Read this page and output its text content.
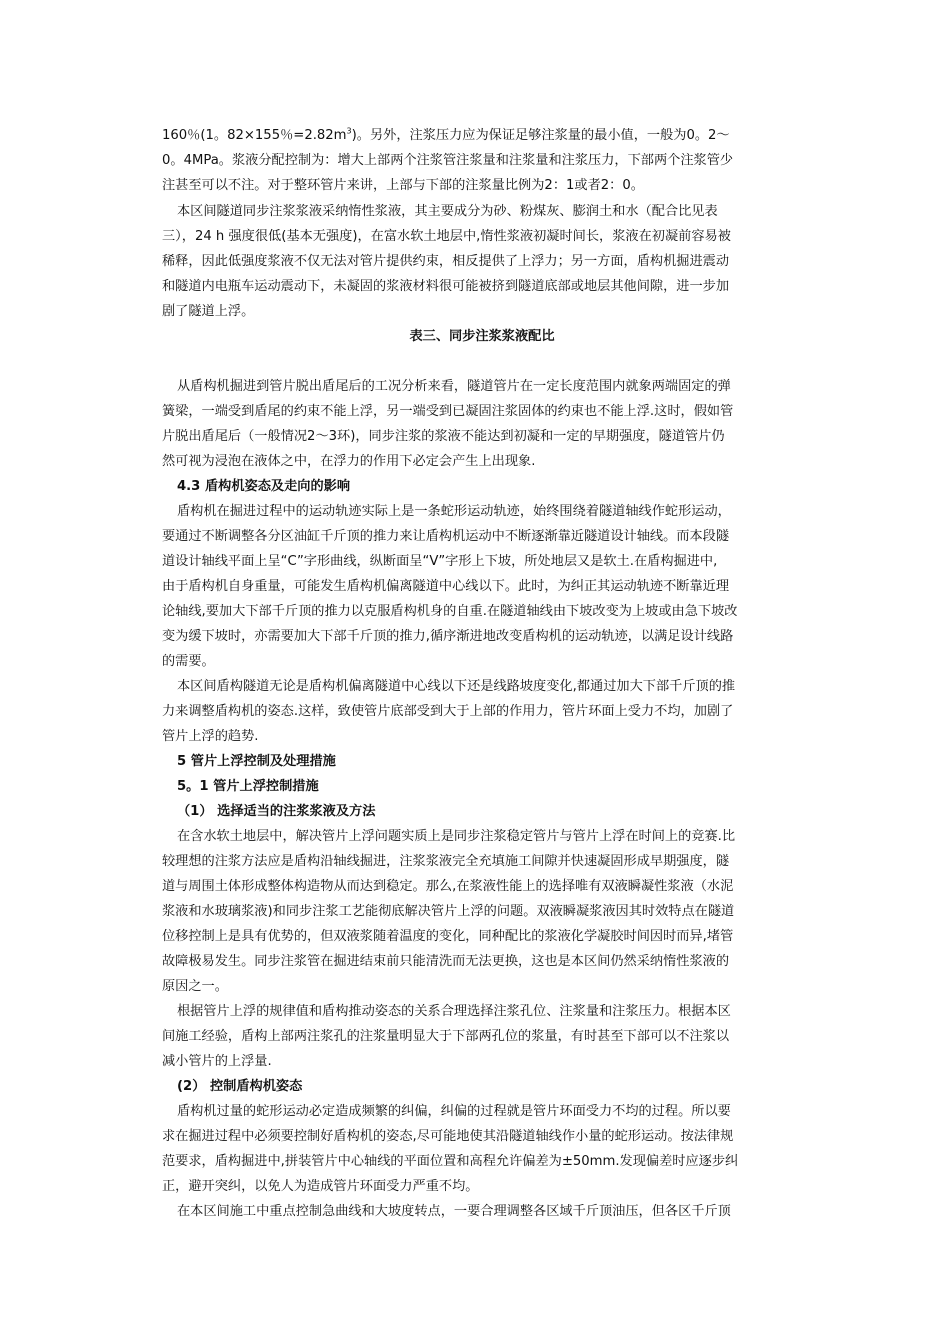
160％(1。82×155％$=2.82m^3$)。另外，注浆压力应为保证足够注浆量的最小值，一般为0。2～
0。4MPa。浆液分配控制为：增大上部两个注浆管注浆量和注浆量和注浆压力，下部两个注浆管少
注甚至可以不注。对于整环管片来讲，上部与下部的注浆量比例为2：1或者2：0。
本区间隧道同步注浆浆液采纳惰性浆液，其主要成分为砂、粉煤灰、膨润土和水（配合比见表
三），24 h 强度很低(基本无强度)，在富水软土地层中,惰性浆液初凝时间长，浆液在初凝前容易被
稀释，因此低强度浆液不仅无法对管片提供约束，相反提供了上浮力；另一方面，盾构机掘进震动
和隧道内电瓶车运动震动下，未凝固的浆液材料很可能被挤到隧道底部或地层其他间隙，进一步加
剧了隧道上浮。
表三、同步注浆浆液配比
从盾构机掘进到管片脱出盾尾后的工况分析来看，隧道管片在一定长度范围内就象两端固定的弹
簧梁，一端受到盾尾的约束不能上浮，另一端受到已凝固注浆固体的约束也不能上浮.这时，假如管
片脱出盾尾后（一般情况2～3环)，同步注浆的浆液不能达到初凝和一定的早期强度，隧道管片仍
然可视为浸泡在液体之中，在浮力的作用下必定会产生上出现象.
4.3 盾构机姿态及走向的影响
盾构机在掘进过程中的运动轨迹实际上是一条蛇形运动轨迹，始终围绕着隧道轴线作蛇形运动，
要通过不断调整各分区油缸千斤顶的推力来让盾构机运动中不断逐渐靠近隧道设计轴线。而本段隧
道设计轴线平面上呈“C”字形曲线，纵断面呈“V”字形上下坡，所处地层又是软土.在盾构掘进中,
由于盾构机自身重量，可能发生盾构机偏离隧道中心线以下。此时，为纠正其运动轨迹不断靠近理
论轴线,要加大下部千斤顶的推力以克服盾构机身的自重.在隧道轴线由下坡改变为上坡或由急下坡改
变为缓下坡时，亦需要加大下部千斤顶的推力,循序渐进地改变盾构机的运动轨迹，以满足设计线路
的需要。
本区间盾构隧道无论是盾构机偏离隧道中心线以下还是线路坡度变化,都通过加大下部千斤顶的推
力来调整盾构机的姿态.这样，致使管片底部受到大于上部的作用力，管片环面上受力不均，加剧了
管片上浮的趋势.
5 管片上浮控制及处理措施
5。1 管片上浮控制措施
（1） 选择适当的注浆浆液及方法
在含水软土地层中，解决管片上浮问题实质上是同步注浆稳定管片与管片上浮在时间上的竞赛.比
较理想的注浆方法应是盾构沿轴线掘进，注浆浆液完全充填施工间隙并快速凝固形成早期强度，隧
道与周围土体形成整体构造物从而达到稳定。那么,在浆液性能上的选择唯有双液瞬凝性浆液（水泥
浆液和水玻璃浆液)和同步注浆工艺能彻底解决管片上浮的问题。双液瞬凝浆液因其时效特点在隧道
位移控制上是具有优势的，但双液浆随着温度的变化，同种配比的浆液化学凝胶时间因时而异,堵管
故障极易发生。同步注浆管在掘进结束前只能清洗而无法更换，这也是本区间仍然采纳惰性浆液的
原因之一。
根据管片上浮的规律值和盾构推动姿态的关系合理选择注浆孔位、注浆量和注浆压力。根据本区
间施工经验，盾构上部两注浆孔的注浆量明显大于下部两孔位的浆量，有时甚至下部可以不注浆以
减小管片的上浮量.
(2） 控制盾构机姿态
盾构机过量的蛇形运动必定造成频繁的纠偏，纠偏的过程就是管片环面受力不均的过程。所以要
求在掘进过程中必须要控制好盾构机的姿态,尽可能地使其沿隧道轴线作小量的蛇形运动。按法律规
范要求，盾构掘进中,拼装管片中心轴线的平面位置和高程允许偏差为±50mm.发现偏差时应逐步纠
正，避开突纠，以免人为造成管片环面受力严重不均。
在本区间施工中重点控制急曲线和大坡度转点，一要合理调整各区域千斤顶油压，但各区千斤顶
